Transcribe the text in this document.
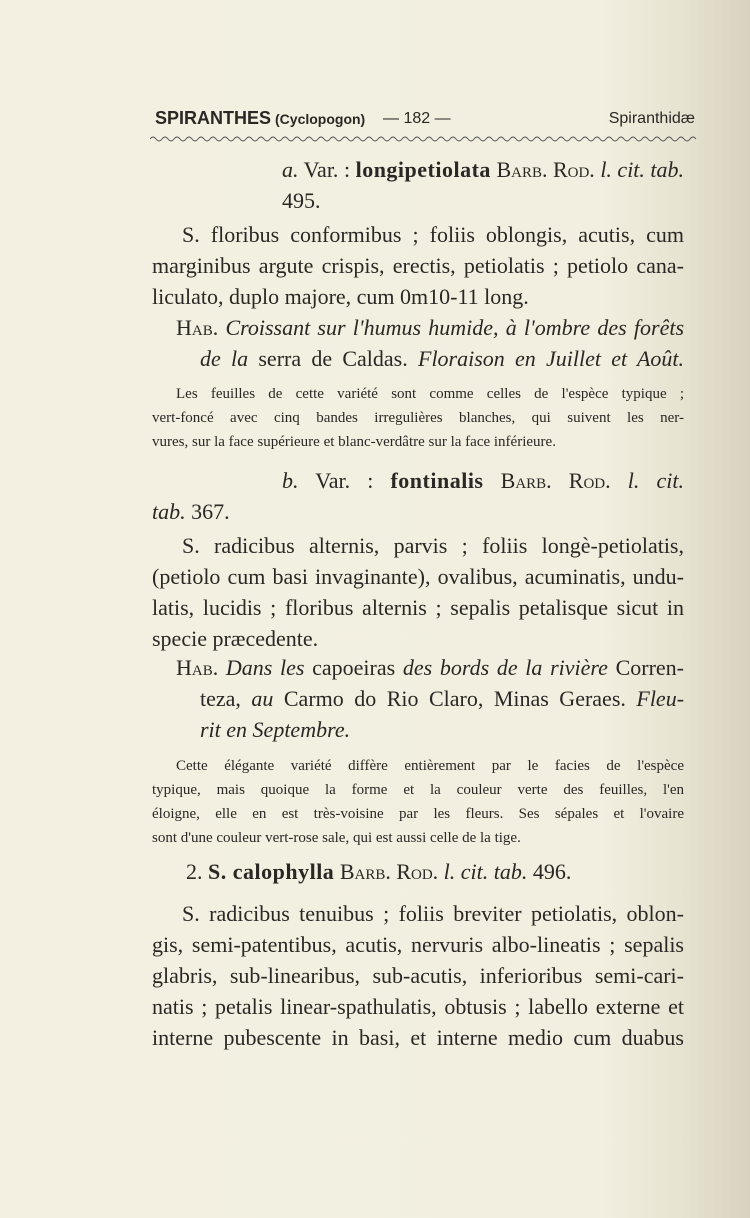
SPIRANTHES (Cyclopogon) — 182 —	Spiranthidæ

a. Var. : longipetiolata Barb. Rod. l. cit. tab. 495.

S. floribus conformibus ; foliis oblongis, acutis, cum
marginibus argute crispis, erectis, petiolatis ; petiolo cana-
liculato, duplo majore, cum 0m10-11 long.
Hab. Croissant sur l'humus humide, à l'ombre des forêts
de la serra de Caldas. Floraison en Juillet et Août.
Les feuilles de cette variété sont comme celles de l'espèce typique ;
vert-foncé avec cinq bandes irregulières blanches, qui suivent les ner-
vures, sur la face supérieure et blanc-verdâtre sur la face inférieure.
b. Var. : fontinalis Barb. Rod. l. cit.
tab. 367.
S. radicibus alternis, parvis ; foliis longè-petiolatis,
(petiolo cum basi invaginante), ovalibus, acuminatis, undu-
latis, lucidis ; floribus alternis ; sepalis petalisque sicut in
specie præcedente.
Hab. Dans les capoeiras des bords de la rivière Corren-
teza, au Carmo do Rio Claro, Minas Geraes. Fleu-
rit en Septembre.
Cette élégante variété diffère entièrement par le facies de l'espèce
typique, mais quoique la forme et la couleur verte des feuilles, l'en
éloigne, elle en est très-voisine par les fleurs. Ses sépales et l'ovaire
sont d'une couleur vert-rose sale, qui est aussi celle de la tige.
2. S. calophylla Barb. Rod. l. cit. tab. 496.
S. radicibus tenuibus ; foliis breviter petiolatis, oblon-
gis, semi-patentibus, acutis, nervuris albo-lineatis ; sepalis
glabris, sub-linearibus, sub-acutis, inferioribus semi-cari-
natis ; petalis linear-spathulatis, obtusis ; labello externe et
interne pubescente in basi, et interne medio cum duabus
